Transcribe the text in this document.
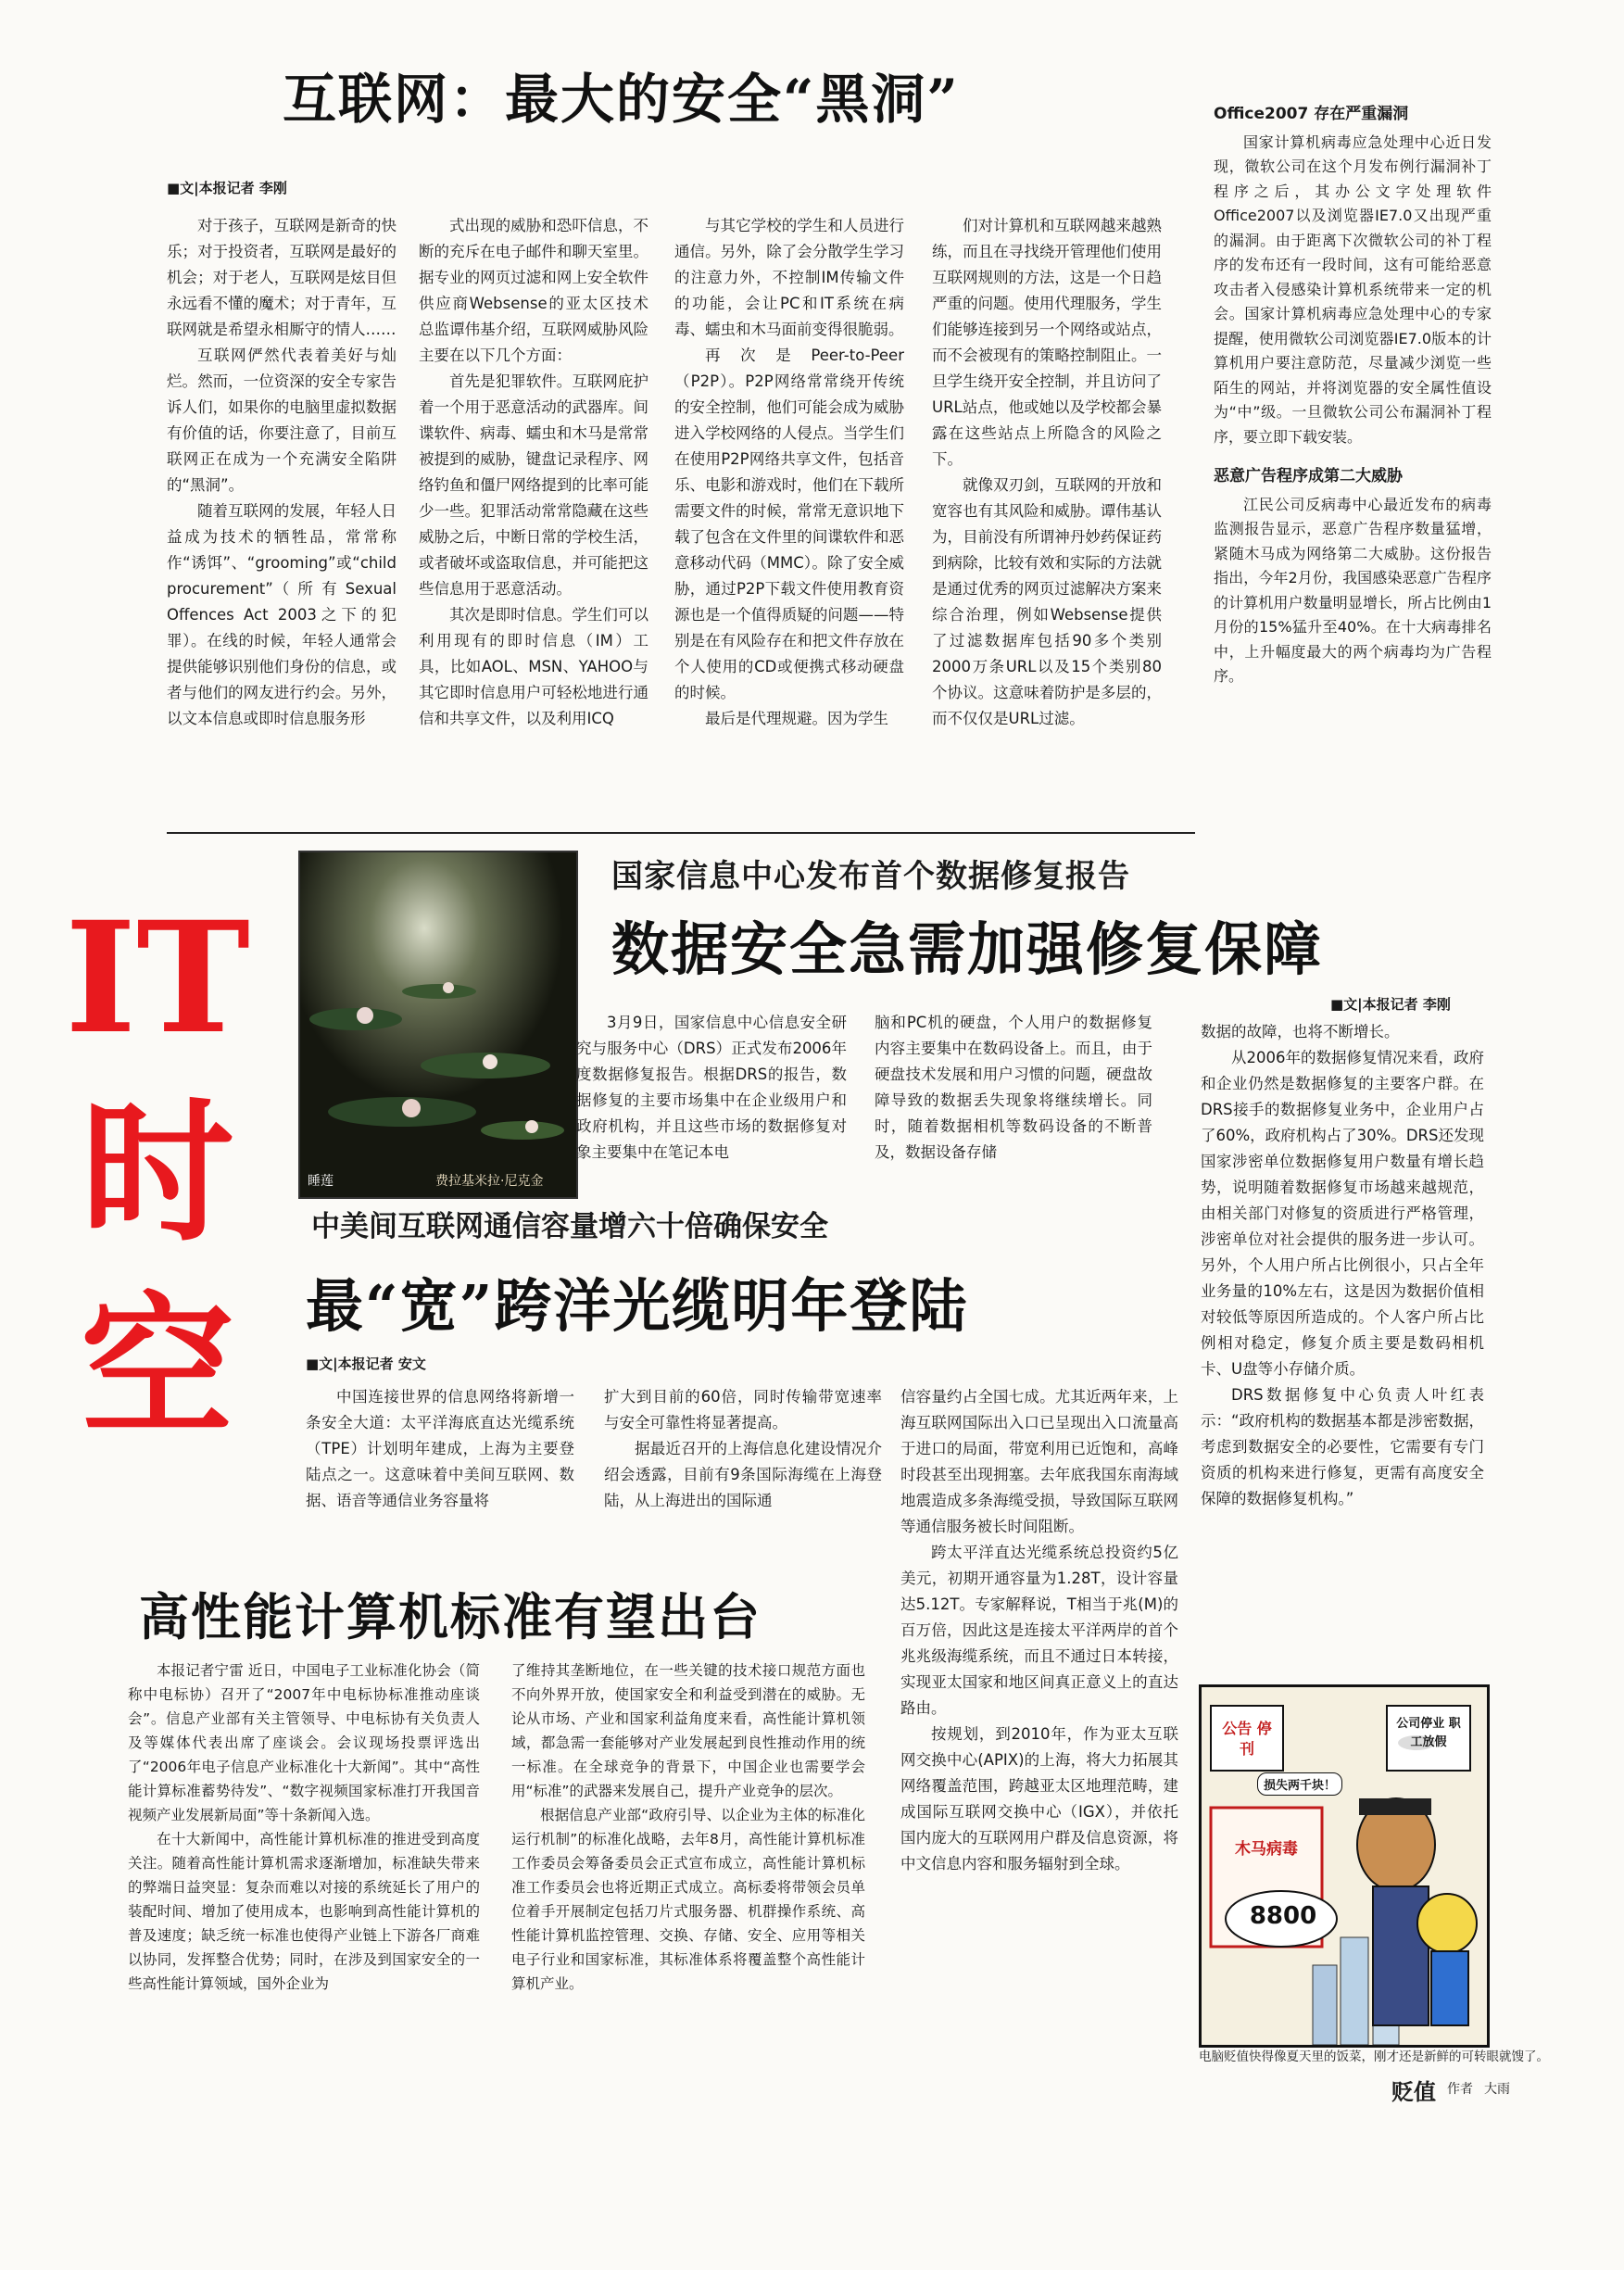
互联网：最大的安全“黑洞”
■文|本报记者 李刚

对于孩子，互联网是新奇的快乐；对于投资者，互联网是最好的机会；对于老人，互联网是炫目但永远看不懂的魔术；对于青年，互联网就是希望永相厮守的情人……

互联网俨然代表着美好与灿烂。然而，一位资深的安全专家告诉人们，如果你的电脑里虚拟数据有价值的话，你要注意了，目前互联网正在成为一个充满安全陷阱的“黑洞”。

随着互联网的发展，年轻人日益成为技术的牺牲品，常常称作“诱饵”、“grooming”或“child procurement”（所有Sexual Offences Act 2003之下的犯罪）。在线的时候，年轻人通常会提供能够识别他们身份的信息，或者与他们的网友进行约会。另外，以文本信息或即时信息服务形

式出现的威胁和恐吓信息，不断的充斥在电子邮件和聊天室里。据专业的网页过滤和网上安全软件供应商Websense的亚太区技术总监谭伟基介绍，互联网威胁风险主要在以下几个方面：

首先是犯罪软件。互联网庇护着一个用于恶意活动的武器库。间谍软件、病毒、蠕虫和木马是常常被提到的威胁，键盘记录程序、网络钓鱼和僵尸网络提到的比率可能少一些。犯罪活动常常隐藏在这些威胁之后，中断日常的学校生活，或者破坏或盗取信息，并可能把这些信息用于恶意活动。

其次是即时信息。学生们可以利用现有的即时信息（IM）工具，比如AOL、MSN、YAHOO与其它即时信息用户可轻松地进行通信和共享文件，以及利用ICQ

与其它学校的学生和人员进行通信。另外，除了会分散学生学习的注意力外，不控制IM传输文件的功能，会让PC和IT系统在病毒、蠕虫和木马面前变得很脆弱。

再次是Peer-to-Peer（P2P）。P2P网络常常绕开传统的安全控制，他们可能会成为威胁进入学校网络的人侵点。当学生们在使用P2P网络共享文件，包括音乐、电影和游戏时，他们在下载所需要文件的时候，常常无意识地下载了包含在文件里的间谍软件和恶意移动代码（MMC）。除了安全威胁，通过P2P下载文件使用教育资源也是一个值得质疑的问题——特别是在有风险存在和把文件存放在个人使用的CD或便携式移动硬盘的时候。

最后是代理规避。因为学生

们对计算机和互联网越来越熟练，而且在寻找绕开管理他们使用互联网规则的方法，这是一个日趋严重的问题。使用代理服务，学生们能够连接到另一个网络或站点，而不会被现有的策略控制阻止。一旦学生绕开安全控制，并且访问了URL站点，他或她以及学校都会暴露在这些站点上所隐含的风险之下。

就像双刃剑，互联网的开放和宽容也有其风险和威胁。谭伟基认为，目前没有所谓神丹妙药保证药到病除，比较有效和实际的方法就是通过优秀的网页过滤解决方案来综合治理，例如Websense提供了过滤数据库包括90多个类别2000万条URL以及15个类别80个协议。这意味着防护是多层的，而不仅仅是URL过滤。

Office2007 存在严重漏洞

国家计算机病毒应急处理中心近日发现，微软公司在这个月发布例行漏洞补丁程序之后，其办公文字处理软件Office2007以及浏览器IE7.0又出现严重的漏洞。由于距离下次微软公司的补丁程序的发布还有一段时间，这有可能给恶意攻击者入侵感染计算机系统带来一定的机会。国家计算机病毒应急处理中心的专家提醒，使用微软公司浏览器IE7.0版本的计算机用户要注意防范，尽量减少浏览一些陌生的网站，并将浏览器的安全属性值设为“中”级。一旦微软公司公布漏洞补丁程序，要立即下载安装。

恶意广告程序成第二大威胁

江民公司反病毒中心最近发布的病毒监测报告显示，恶意广告程序数量猛增，紧随木马成为网络第二大威胁。这份报告指出，今年2月份，我国感染恶意广告程序的计算机用户数量明显增长，所占比例由1月份的15%猛升至40%。在十大病毒排名中，上升幅度最大的两个病毒均为广告程序。

IT
时
空
睡莲	费拉基米拉·尼克金
国家信息中心发布首个数据修复报告
数据安全急需加强修复保障
■文|本报记者 李刚

3月9日，国家信息中心信息安全研究与服务中心（DRS）正式发布2006年度数据修复报告。根据DRS的报告，数据修复的主要市场集中在企业级用户和政府机构，并且这些市场的数据修复对象主要集中在笔记本电

脑和PC机的硬盘，个人用户的数据修复内容主要集中在数码设备上。而且，由于硬盘技术发展和用户习惯的问题，硬盘故障导致的数据丢失现象将继续增长。同时，随着数据相机等数码设备的不断普及，数据设备存储

数据的故障，也将不断增长。

从2006年的数据修复情况来看，政府和企业仍然是数据修复的主要客户群。在DRS接手的数据修复业务中，企业用户占了60%，政府机构占了30%。DRS还发现国家涉密单位数据修复用户数量有增长趋势，说明随着数据修复市场越来越规范，由相关部门对修复的资质进行严格管理，涉密单位对社会提供的服务进一步认可。另外，个人用户所占比例很小，只占全年业务量的10%左右，这是因为数据价值相对较低等原因所造成的。个人客户所占比例相对稳定，修复介质主要是数码相机卡、U盘等小存储介质。

DRS数据修复中心负责人叶红表示：“政府机构的数据基本都是涉密数据，考虑到数据安全的必要性，它需要有专门资质的机构来进行修复，更需有高度安全保障的数据修复机构。”

中美间互联网通信容量增六十倍确保安全
最“宽”跨洋光缆明年登陆
■文|本报记者 安文

中国连接世界的信息网络将新增一条安全大道：太平洋海底直达光缆系统（TPE）计划明年建成，上海为主要登陆点之一。这意味着中美间互联网、数据、语音等通信业务容量将

扩大到目前的60倍，同时传输带宽速率与安全可靠性将显著提高。

据最近召开的上海信息化建设情况介绍会透露，目前有9条国际海缆在上海登陆，从上海进出的国际通

信容量约占全国七成。尤其近两年来，上海互联网国际出入口已呈现出入口流量高于进口的局面，带宽利用已近饱和，高峰时段甚至出现拥塞。去年底我国东南海域地震造成多条海缆受损，导致国际互联网等通信服务被长时间阻断。

跨太平洋直达光缆系统总投资约5亿美元，初期开通容量为1.28T，设计容量达5.12T。专家解释说，T相当于兆(M)的百万倍，因此这是连接太平洋两岸的首个兆兆级海缆系统，而且不通过日本转接，实现亚太国家和地区间真正意义上的直达路由。

按规划，到2010年，作为亚太互联网交换中心(APIX)的上海，将大力拓展其网络覆盖范围，跨越亚太区地理范畴，建成国际互联网交换中心（IGX），并依托国内庞大的互联网用户群及信息资源，将中文信息内容和服务辐射到全球。

高性能计算机标准有望出台

本报记者宁雷 近日，中国电子工业标准化协会（简称中电标协）召开了“2007年中电标协标准推动座谈会”。信息产业部有关主管领导、中电标协有关负责人及等媒体代表出席了座谈会。会议现场投票评选出了“2006年电子信息产业标准化十大新闻”。其中“高性能计算标准蓄势待发”、“数字视频国家标准打开我国音视频产业发展新局面”等十条新闻入选。

在十大新闻中，高性能计算机标准的推进受到高度关注。随着高性能计算机需求逐渐增加，标准缺失带来的弊端日益突显：复杂而难以对接的系统延长了用户的装配时间、增加了使用成本，也影响到高性能计算机的普及速度；缺乏统一标准也使得产业链上下游各厂商难以协同，发挥整合优势；同时，在涉及到国家安全的一些高性能计算领域，国外企业为

了维持其垄断地位，在一些关键的技术接口规范方面也不向外界开放，使国家安全和利益受到潜在的威胁。无论从市场、产业和国家利益角度来看，高性能计算机领域，都急需一套能够对产业发展起到良性推动作用的统一标准。在全球竞争的背景下，中国企业也需要学会用“标准”的武器来发展自己，提升产业竞争的层次。

根据信息产业部“政府引导、以企业为主体的标准化运行机制”的标准化战略，去年8月，高性能计算机标准工作委员会筹备委员会正式宣布成立，高性能计算机标准工作委员会也将近期正式成立。高标委将带领会员单位着手开展制定包括刀片式服务器、机群操作系统、高性能计算机监控管理、交换、存储、安全、应用等相关电子行业和国家标准，其标准体系将覆盖整个高性能计算机产业。

公告 停刊
公司停业 职工放假
损失两千块！
木马病毒
8800
电脑贬值快得像夏天里的饭菜，刚才还是新鲜的可转眼就馊了。
贬值 作者 大雨
